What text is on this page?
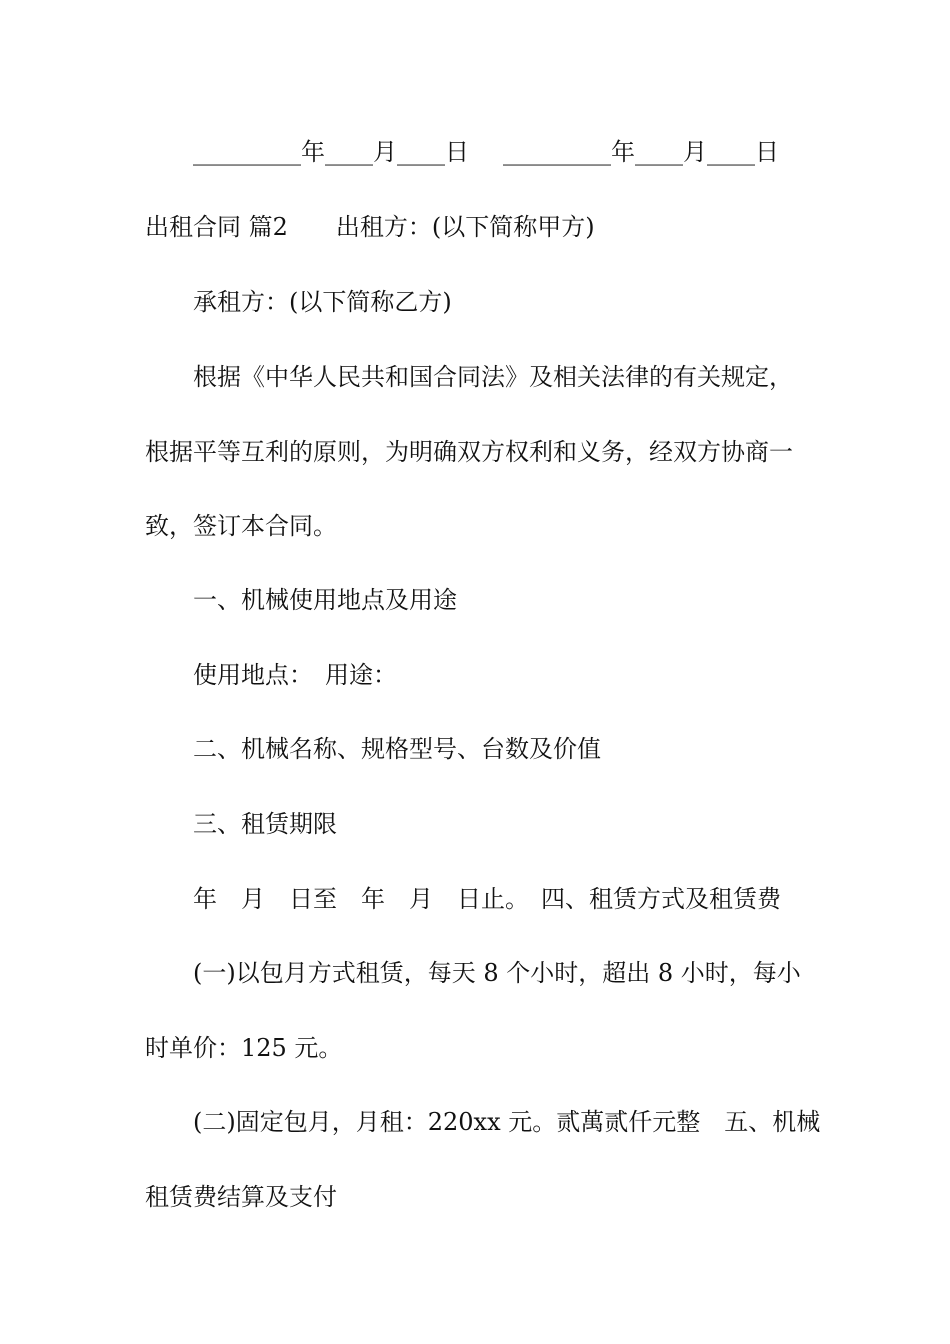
_________年____月____日 _________年____月____日
出租合同 篇2　　出租方：(以下简称甲方)
承租方：(以下简称乙方)
根据《中华人民共和国合同法》及相关法律的有关规定，
根据平等互利的原则，为明确双方权利和义务，经双方协商一
致，签订本合同。
一、机械使用地点及用途
使用地点：　用途：
二、机械名称、规格型号、台数及价值
三、租赁期限
年　月　日至　年　月　日止。　四、租赁方式及租赁费
(一)以包月方式租赁，每天 8 个小时，超出 8 小时，每小
时单价：125 元。
(二)固定包月，月租：220xx 元。贰萬贰仟元整　五、机械
租赁费结算及支付
